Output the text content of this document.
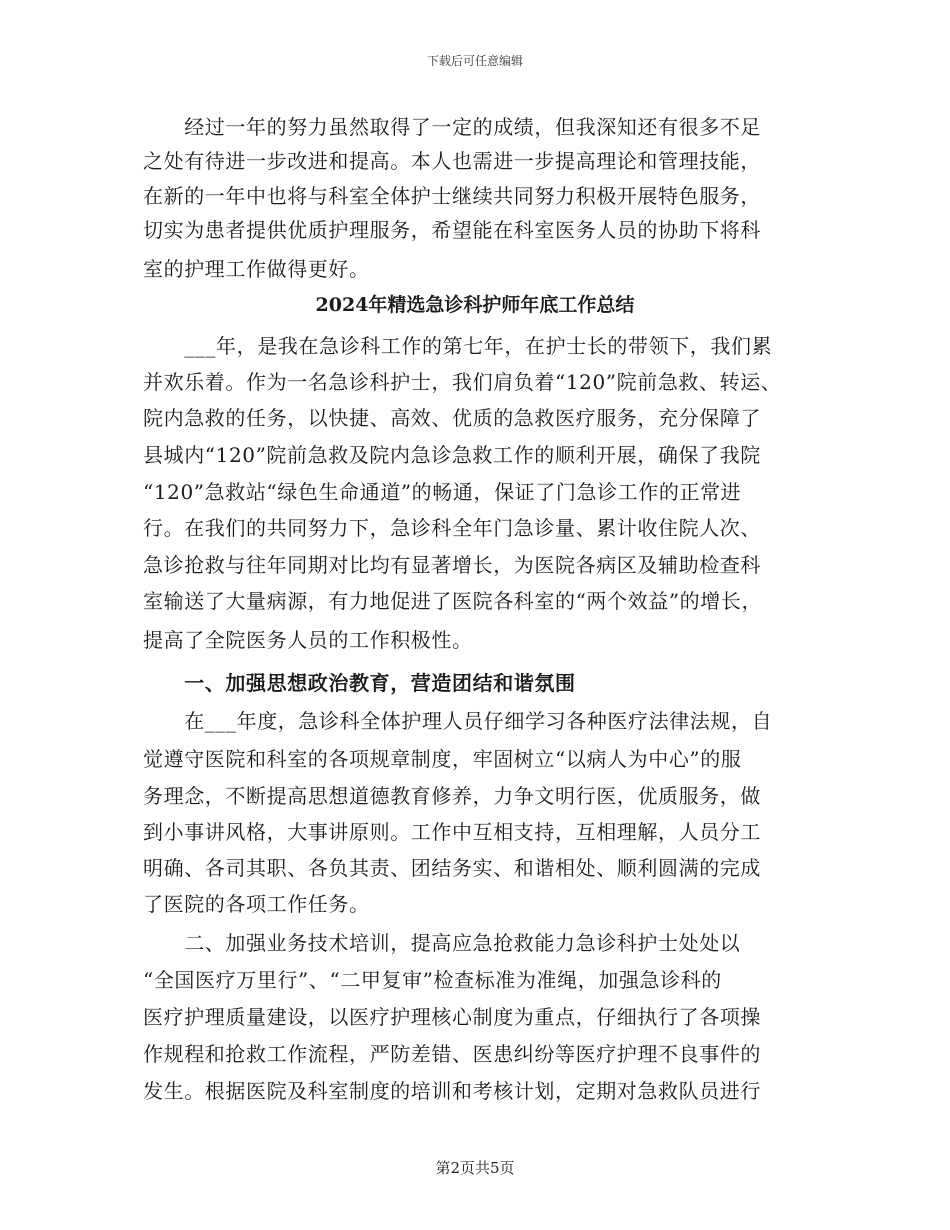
下载后可任意编辑
　　经过一年的努力虽然取得了一定的成绩，但我深知还有很多不足
之处有待进一步改进和提高。本人也需进一步提高理论和管理技能，
在新的一年中也将与科室全体护士继续共同努力积极开展特色服务，
切实为患者提供优质护理服务，希望能在科室医务人员的协助下将科
室的护理工作做得更好。
2024年精选急诊科护师年底工作总结
　　___年，是我在急诊科工作的第七年，在护士长的带领下，我们累
并欢乐着。作为一名急诊科护士，我们肩负着“120”院前急救、转运、
院内急救的任务，以快捷、高效、优质的急救医疗服务，充分保障了
县城内“120”院前急救及院内急诊急救工作的顺利开展，确保了我院
“120”急救站“绿色生命通道”的畅通，保证了门急诊工作的正常进
行。在我们的共同努力下，急诊科全年门急诊量、累计收住院人次、
急诊抢救与往年同期对比均有显著增长，为医院各病区及辅助检查科
室输送了大量病源，有力地促进了医院各科室的“两个效益”的增长，
提高了全院医务人员的工作积极性。
　　一、加强思想政治教育，营造团结和谐氛围
　　在___年度，急诊科全体护理人员仔细学习各种医疗法律法规，自
觉遵守医院和科室的各项规章制度，牢固树立“以病人为中心”的服
务理念，不断提高思想道德教育修养，力争文明行医，优质服务，做
到小事讲风格，大事讲原则。工作中互相支持，互相理解，人员分工
明确、各司其职、各负其责、团结务实、和谐相处、顺利圆满的完成
了医院的各项工作任务。
　　二、加强业务技术培训，提高应急抢救能力急诊科护士处处以
“全国医疗万里行”、“二甲复审”检查标准为准绳，加强急诊科的
医疗护理质量建设，以医疗护理核心制度为重点，仔细执行了各项操
作规程和抢救工作流程，严防差错、医患纠纷等医疗护理不良事件的
发生。根据医院及科室制度的培训和考核计划，定期对急救队员进行
第2页共5页
